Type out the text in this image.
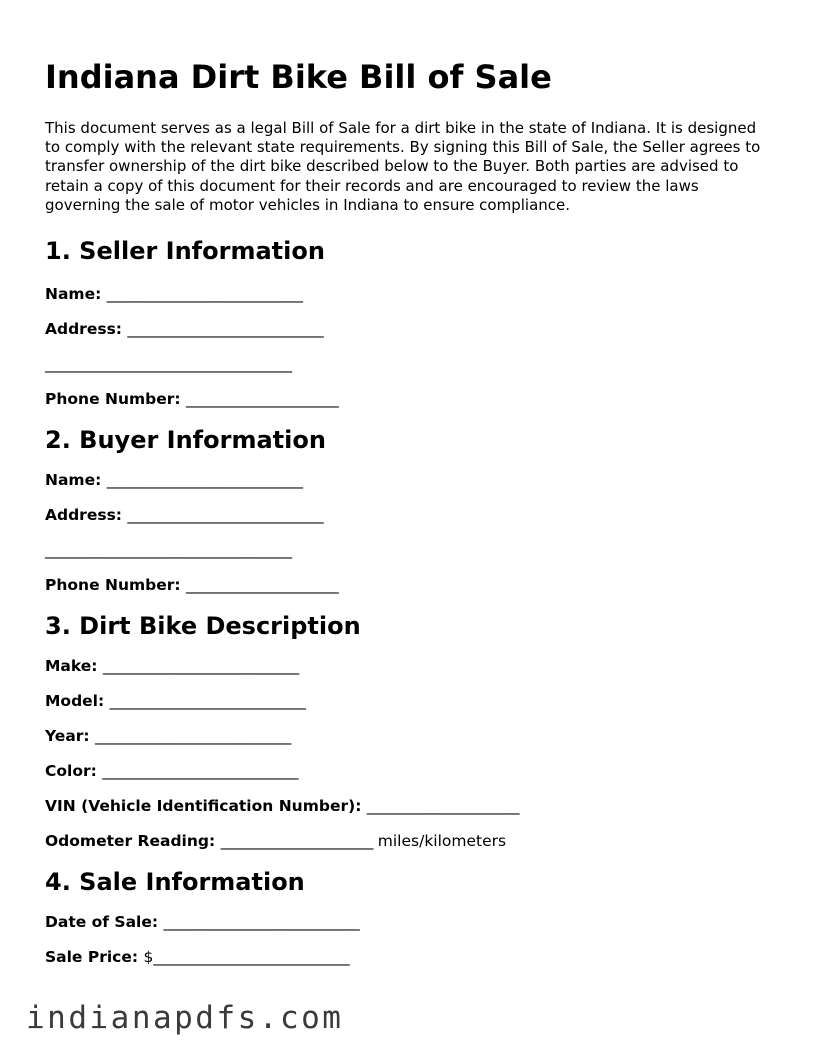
Indiana Dirt Bike Bill of Sale

This document serves as a legal Bill of Sale for a dirt bike in the state of Indiana. It is designed to comply with the relevant state requirements. By signing this Bill of Sale, the Seller agrees to transfer ownership of the dirt bike described below to the Buyer. Both parties are advised to retain a copy of this document for their records and are encouraged to review the laws governing the sale of motor vehicles in Indiana to ensure compliance.

1. Seller Information
Name: ___________________________
Address: ___________________________
__________________________________
Phone Number: _____________________
2. Buyer Information
Name: ___________________________
Address: ___________________________
__________________________________
Phone Number: _____________________
3. Dirt Bike Description
Make: ___________________________
Model: ___________________________
Year: ___________________________
Color: ___________________________
VIN (Vehicle Identification Number): _____________________
Odometer Reading: _____________________ miles/kilometers
4. Sale Information
Date of Sale: ___________________________
Sale Price: $___________________________
indianapdfs.com
